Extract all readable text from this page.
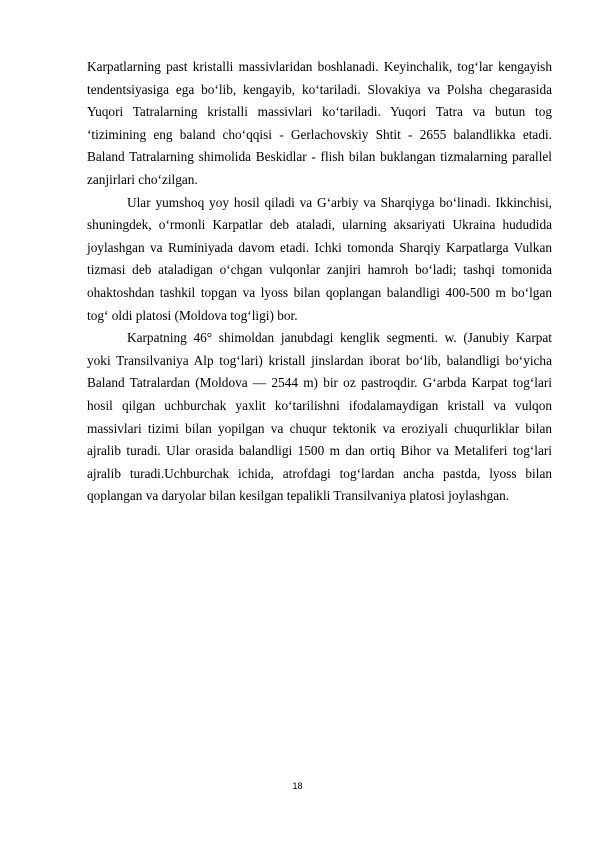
Karpatlarning past kristalli massivlaridan boshlanadi. Keyinchalik, togʻlar kengayish tendentsiyasiga ega boʻlib, kengayib, koʻtariladi. Slovakiya va Polsha chegarasida Yuqori Tatralarning kristalli massivlari koʻtariladi. Yuqori Tatra va butun tog ʻtizimining eng baland choʻqqisi - Gerlachovskiy Shtit - 2655 balandlikka etadi. Baland Tatralarning shimolida Beskidlar - flish bilan buklangan tizmalarning parallel zanjirlari choʻzilgan.

Ular yumshoq yoy hosil qiladi va Gʻarbiy va Sharqiyga boʻlinadi. Ikkinchisi, shuningdek, oʻrmonli Karpatlar deb ataladi, ularning aksariyati Ukraina hududida joylashgan va Ruminiyada davom etadi. Ichki tomonda Sharqiy Karpatlarga Vulkan tizmasi deb ataladigan oʻchgan vulqonlar zanjiri hamroh boʻladi; tashqi tomonida ohaktoshdan tashkil topgan va lyoss bilan qoplangan balandligi 400-500 m boʻlgan togʻ oldi platosi (Moldova togʻligi) bor.

Karpatning 46° shimoldan janubdagi kenglik segmenti. w. (Janubiy Karpat yoki Transilvaniya Alp togʻlari) kristall jinslardan iborat boʻlib, balandligi boʻyicha Baland Tatralardan (Moldova — 2544 m) bir oz pastroqdir. Gʻarbda Karpat togʻlari hosil qilgan uchburchak yaxlit koʻtarilishni ifodalamaydigan kristall va vulqon massivlari tizimi bilan yopilgan va chuqur tektonik va eroziyali chuqurliklar bilan ajralib turadi. Ular orasida balandligi 1500 m dan ortiq Bihor va Metaliferi togʻlari ajralib turadi.Uchburchak ichida, atrofdagi togʻlardan ancha pastda, lyoss bilan qoplangan va daryolar bilan kesilgan tepalikli Transilvaniya platosi joylashgan.

18
